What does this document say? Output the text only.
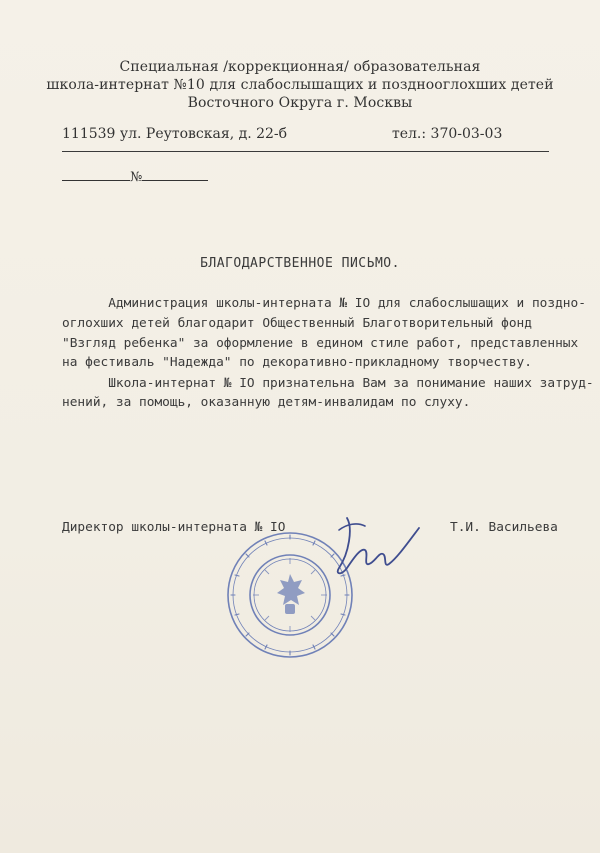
Специальная /коррекционная/ образовательная
школа-интернат №10 для слабослышащих и позднооглохших детей
Восточного Округа г. Москвы
111539 ул. Реутовская, д. 22-б	тел.: 370-03-03
№
БЛАГОДАРСТВЕННОЕ ПИСЬМО.
Администрация школы-интерната № IO для слабослышащих и поздно-
оглохших детей благодарит Общественный Благотворительный фонд
"Взгляд ребенка" за оформление в едином стиле работ, представленных
на фестиваль "Надежда" по декоративно-прикладному творчеству.
Школа-интернат № IO признательна Вам за понимание наших затруд-
нений, за помощь, оказанную детям-инвалидам по слуху.
Директор школы-интерната № IO	Т.И. Васильева
